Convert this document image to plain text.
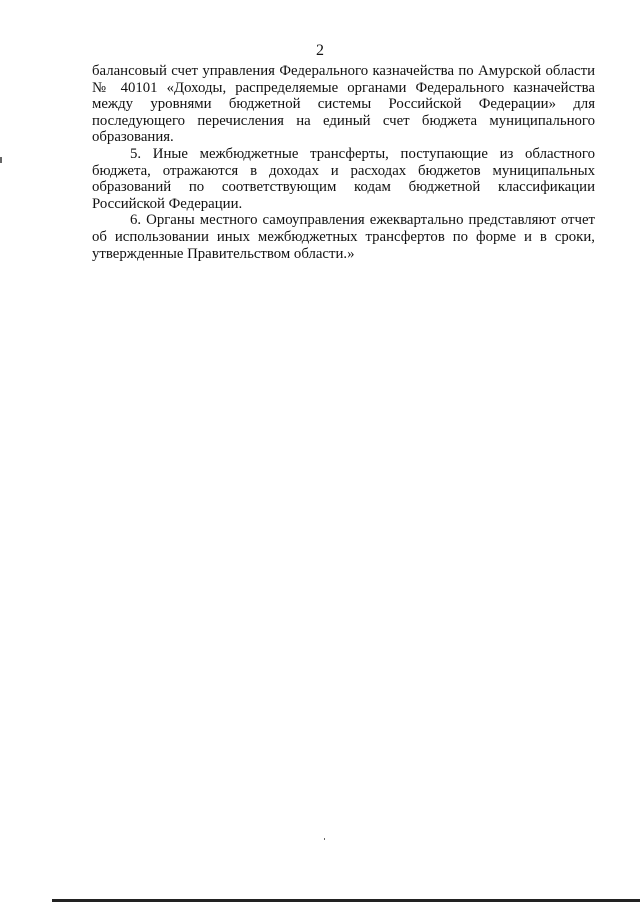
2

балансовый счет управления Федерального казначейства по Амурской области № 40101 «Доходы, распределяемые органами Федерального казначейства между уровнями бюджетной системы Российской Федерации» для последующего перечисления на единый счет бюджета муниципального образования.

5. Иные межбюджетные трансферты, поступающие из областного бюджета, отражаются в доходах и расходах бюджетов муниципальных образований по соответствующим кодам бюджетной классификации Российской Федерации.

6. Органы местного самоуправления ежеквартально представляют отчет об использовании иных межбюджетных трансфертов по форме и в сроки, утвержденные Правительством области.»
